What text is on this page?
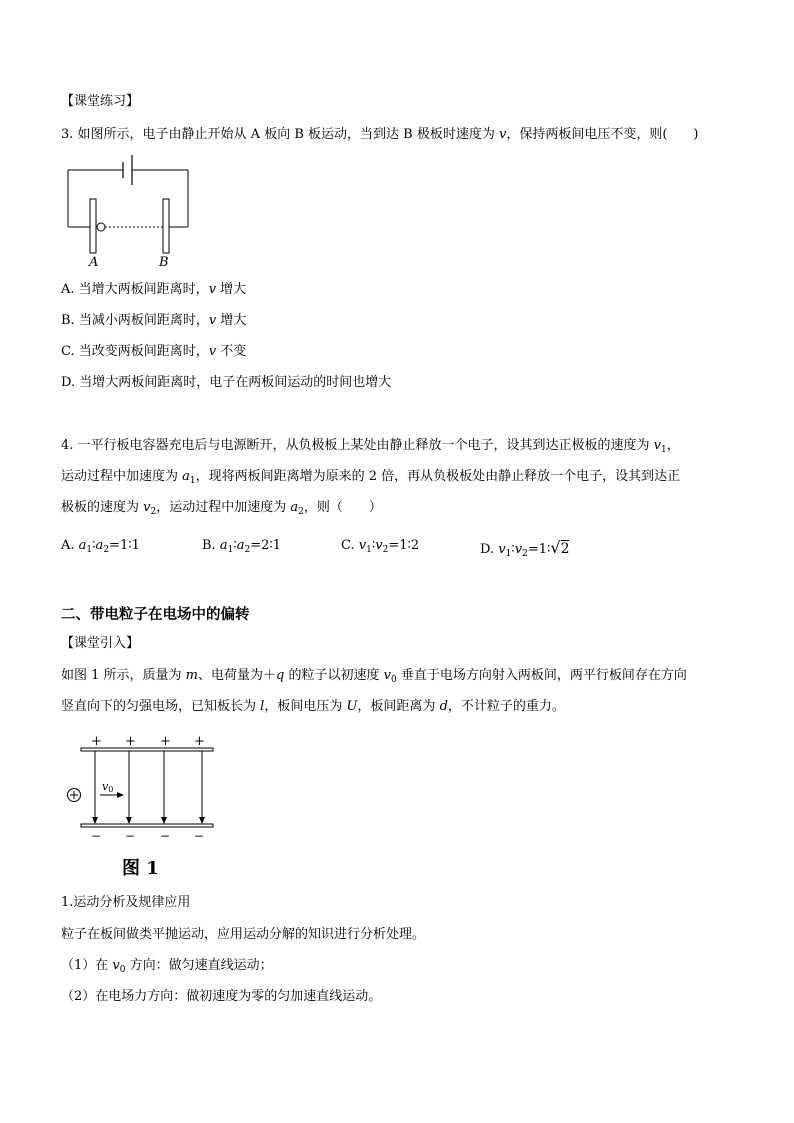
【课堂练习】
3. 如图所示，电子由静止开始从 A 板向 B 板运动，当到达 B 极板时速度为 v，保持两板间电压不变，则(　　)
A	B
A. 当增大两板间距离时，v 增大
B. 当减小两板间距离时，v 增大
C. 当改变两板间距离时，v 不变
D. 当增大两板间距离时，电子在两板间运动的时间也增大
4. 一平行板电容器充电后与电源断开，从负极板上某处由静止释放一个电子，设其到达正极板的速度为 $v_1$，
运动过程中加速度为 $a_1$，现将两板间距离增为原来的 2 倍，再从负极板处由静止释放一个电子，设其到达正
极板的速度为 $v_2$，运动过程中加速度为 $a_2$，则（　　）
A. $a_1∶a_2=1∶1$	B. $a_1∶a_2=2∶1$	C. $v_1∶v_2=1∶2$	D. $v_1∶v_2=1∶√2$
二、带电粒子在电场中的偏转
【课堂引入】
如图 1 所示，质量为 m、电荷量为＋q 的粒子以初速度 $v_0$ 垂直于电场方向射入两板间，两平行板间存在方向
竖直向下的匀强电场，已知板长为 l，板间电压为 U，板间距离为 d，不计粒子的重力。
+ + + +
− − − −
v0
图 1
1.运动分析及规律应用
粒子在板间做类平抛运动，应用运动分解的知识进行分析处理。
（1）在 $v_0$ 方向：做匀速直线运动；
（2）在电场力方向：做初速度为零的匀加速直线运动。
